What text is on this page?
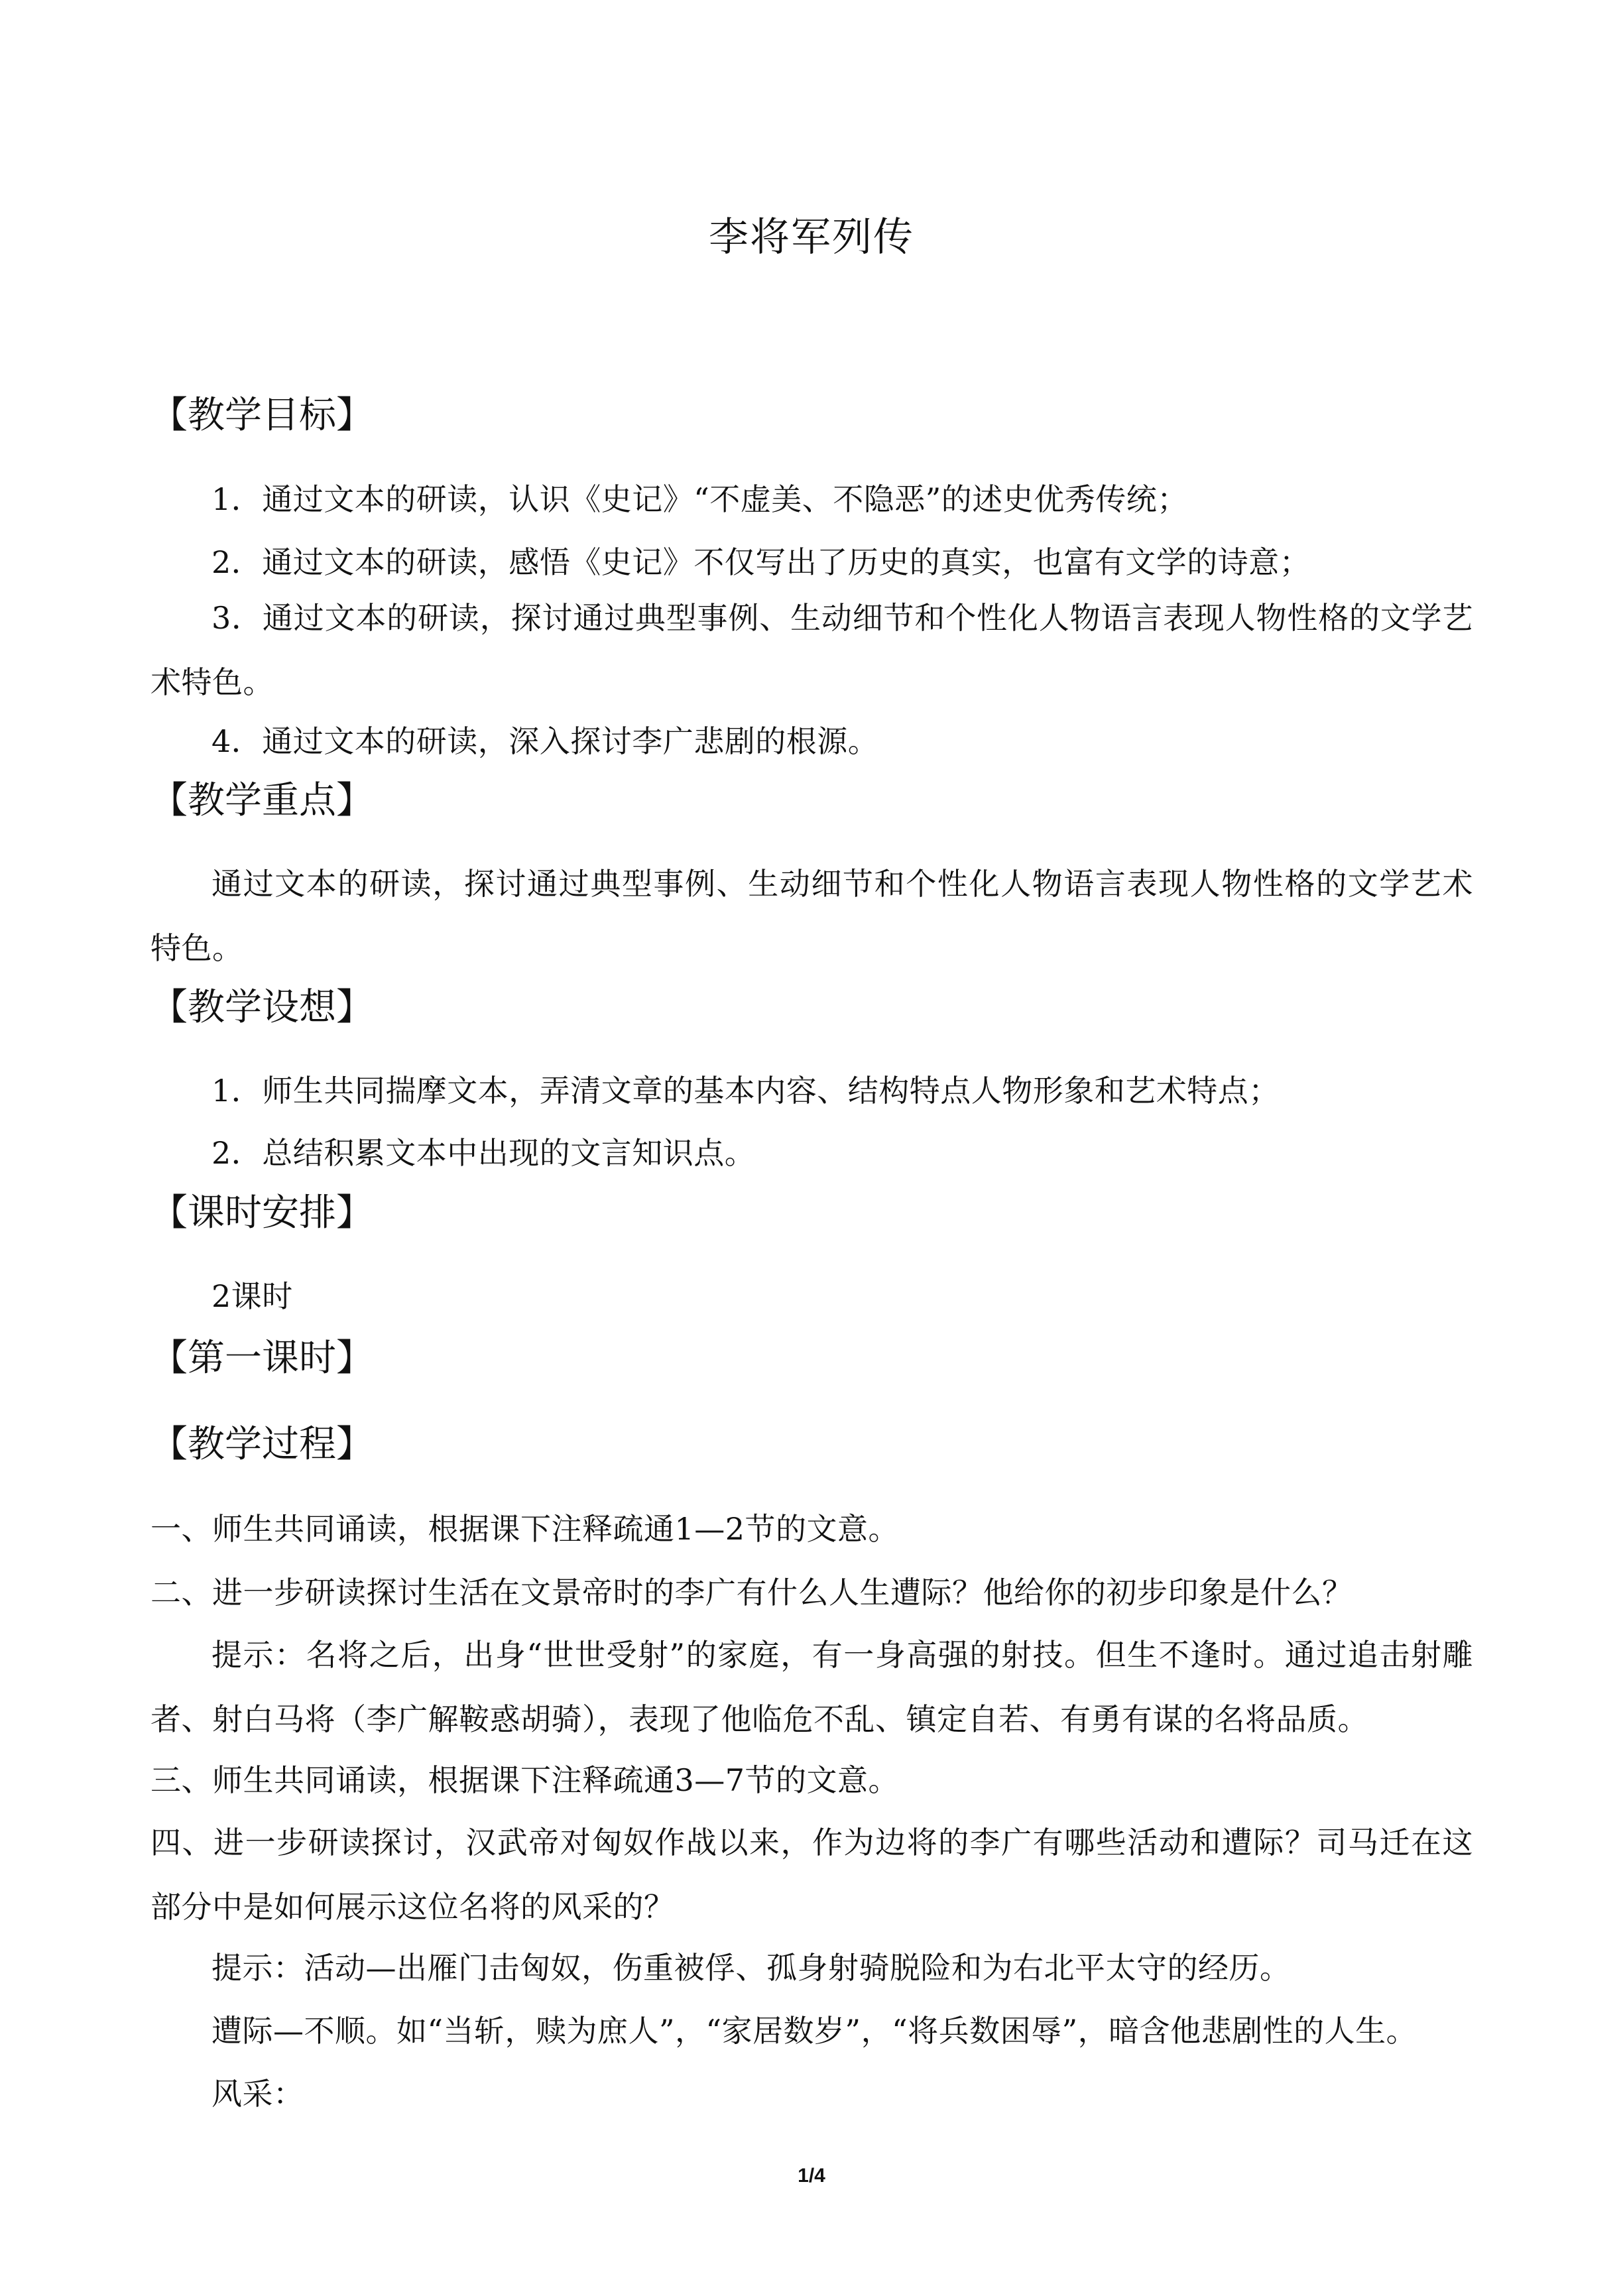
李将军列传
【教学目标】

1．通过文本的研读，认识《史记》“不虚美、不隐恶”的述史优秀传统；

2．通过文本的研读，感悟《史记》不仅写出了历史的真实，也富有文学的诗意；

3．通过文本的研读，探讨通过典型事例、生动细节和个性化人物语言表现人物性格的文学艺术特色。

4．通过文本的研读，深入探讨李广悲剧的根源。

【教学重点】

通过文本的研读，探讨通过典型事例、生动细节和个性化人物语言表现人物性格的文学艺术特色。

【教学设想】

1．师生共同揣摩文本，弄清文章的基本内容、结构特点人物形象和艺术特点；

2．总结积累文本中出现的文言知识点。

【课时安排】

2课时

【第一课时】
【教学过程】

一、师生共同诵读，根据课下注释疏通1—2节的文意。

二、进一步研读探讨生活在文景帝时的李广有什么人生遭际？他给你的初步印象是什么？

提示：名将之后，出身“世世受射”的家庭，有一身高强的射技。但生不逢时。通过追击射雕者、射白马将（李广解鞍惑胡骑），表现了他临危不乱、镇定自若、有勇有谋的名将品质。

三、师生共同诵读，根据课下注释疏通3—7节的文意。

四、进一步研读探讨，汉武帝对匈奴作战以来，作为边将的李广有哪些活动和遭际？司马迁在这部分中是如何展示这位名将的风采的？

提示：活动—出雁门击匈奴，伤重被俘、孤身射骑脱险和为右北平太守的经历。

遭际—不顺。如“当斩，赎为庶人”，“家居数岁”，“将兵数困辱”，暗含他悲剧性的人生。

风采：

1/4
